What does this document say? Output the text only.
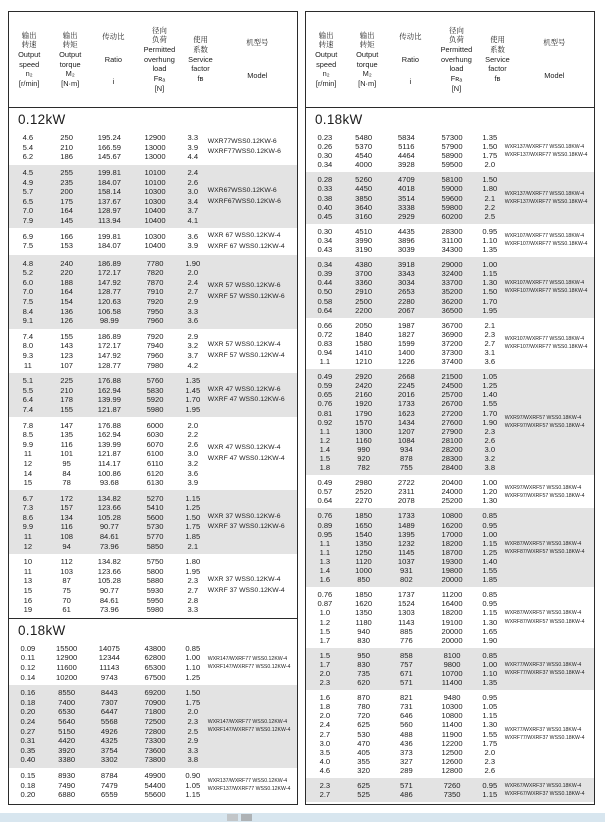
输出
转速
Output
speed
n₂
[r/min]
输出
转矩
Output
torque
M₂
[N·m]
传动比
Ratio
i
径向
负荷
Permitted
overhung
load
Fʀₐ
[N]
使用
系数
Service
factor
fʙ
机型号
Model
0.12kW
4.6	250	195.24	12900	3.3
5.4	210	166.59	13000	3.9
6.2	186	145.67	13000	4.4
WXR77WSS0.12KW-6
WXRF77WSS0.12KW-6
4.5	255	199.81	10100	2.4
4.9	235	184.07	10100	2.6
5.7	200	158.14	10300	3.0
6.5	175	137.67	10300	3.4
7.0	164	128.97	10400	3.7
7.9	145	113.94	10400	4.1
WXR67WSS0.12KW-6
WXRF67WSS0.12KW-6
6.9	166	199.81	10300	3.6
7.5	153	184.07	10400	3.9
WXR 67 WSS0.12KW-4
WXRF 67 WSS0.12KW-4
4.8	240	186.89	7780	1.90
5.2	220	172.17	7820	2.0
6.0	188	147.92	7870	2.4
7.0	164	128.77	7910	2.7
7.5	154	120.63	7920	2.9
8.4	136	106.58	7950	3.3
9.1	126	98.99	7960	3.6
WXR 57 WSS0.12KW-6
WXRF 57 WSS0.12KW-6
7.4	155	186.89	7920	2.9
8.0	143	172.17	7940	3.2
9.3	123	147.92	7960	3.7
11	107	128.77	7980	4.2
WXR 57 WSS0.12KW-4
WXRF 57 WSS0.12KW-4
5.1	225	176.88	5760	1.35
5.5	210	162.94	5830	1.45
6.4	178	139.99	5920	1.70
7.4	155	121.87	5980	1.95
WXR 47 WSS0.12KW-6
WXRF 47 WSS0.12KW-6
7.8	147	176.88	6000	2.0
8.5	135	162.94	6030	2.2
9.9	116	139.99	6070	2.6
11	101	121.87	6100	3.0
12	95	114.17	6110	3.2
14	84	100.86	6120	3.6
15	78	93.68	6130	3.9
WXR 47 WSS0.12KW-4
WXRF 47 WSS0.12KW-4
6.7	172	134.82	5270	1.15
7.3	157	123.66	5410	1.25
8.6	134	105.28	5600	1.50
9.9	116	90.77	5730	1.75
11	108	84.61	5770	1.85
12	94	73.96	5850	2.1
WXR 37 WSS0.12KW-6
WXRF 37 WSS0.12KW-6
10	112	134.82	5750	1.80
11	103	123.66	5800	1.95
13	87	105.28	5880	2.3
15	75	90.77	5930	2.7
16	70	84.61	5950	2.8
19	61	73.96	5980	3.3
WXR 37 WSS0.12KW-4
WXRF 37 WSS0.12KW-4
0.18kW
0.09	15500	14075	43800	0.85
0.11	12900	12344	62800	1.00
0.12	11600	11143	65300	1.10
0.14	10200	9743	67500	1.25
WXR147/WXRF77 WSS0.12KW-4
WXRF147/WXRF77 WSS0.12KW-4
0.16	8550	8443	69200	1.50
0.18	7400	7307	70900	1.75
0.20	6530	6447	71800	2.0
0.24	5640	5568	72500	2.3
0.27	5150	4926	72800	2.5
0.31	4420	4325	73300	2.9
0.35	3920	3754	73600	3.3
0.40	3380	3302	73800	3.8
WXR147/WXRF77 WSS0.12KW-4
WXRF147/WXRF77 WSS0.12KW-4
0.15	8930	8784	49900	0.90
0.18	7490	7479	54400	1.05
0.20	6880	6559	55600	1.15
WXR137/WXRF77 WSS0.12KW-4
WXRF137/WXRF77 WSS0.12KW-4
输出
转速
Output
speed
n₂
[r/min]
输出
转矩
Output
torque
M₂
[N·m]
传动比
Ratio
i
径向
负荷
Permitted
overhung
load
Fʀₐ
[N]
使用
系数
Service
factor
fʙ
机型号
Model
0.18kW
0.23	5480	5834	57300	1.35
0.26	5370	5116	57900	1.50
0.30	4540	4464	58900	1.75
0.34	4000	3928	59500	2.0
WXR137/WXRF77 WSS0.18KW-4
WXRF137/WXRF77 WSS0.18KW-4
0.28	5260	4709	58100	1.50
0.33	4450	4018	59000	1.80
0.38	3850	3514	59600	2.1
0.40	3640	3338	59800	2.2
0.45	3160	2929	60200	2.5
WXR137/WXRF77 WSS0.18KW-4
WXRF137/WXRF77 WSS0.18KW-4
0.30	4510	4435	28300	0.95
0.34	3990	3896	31100	1.10
0.43	3190	3039	34300	1.35
WXR107/WXRF77 WSS0.18KW-4
WXRF107/WXRF77 WSS0.18KW-4
0.34	4380	3918	29000	1.00
0.39	3700	3343	32400	1.15
0.44	3360	3034	33700	1.30
0.50	2910	2653	35200	1.50
0.58	2500	2280	36200	1.70
0.64	2200	2067	36500	1.95
WXR107/WXRF77 WSS0.18KW-4
WXRF107/WXRF77 WSS0.18KW-4
0.66	2050	1987	36700	2.1
0.72	1840	1827	36900	2.3
0.83	1580	1599	37200	2.7
0.94	1410	1400	37300	3.1
1.1	1210	1226	37400	3.6
WXR107/WXRF77 WSS0.18KW-4
WXRF107/WXRF77 WSS0.18KW-4
0.49	2920	2668	21500	1.05
0.59	2420	2245	24500	1.25
0.65	2160	2016	25700	1.40
0.76	1920	1733	26700	1.55
0.81	1790	1623	27200	1.70
0.92	1570	1434	27600	1.90
1.1	1300	1207	27900	2.3
1.2	1160	1084	28100	2.6
1.4	990	934	28200	3.0
1.5	920	878	28300	3.2
1.8	782	755	28400	3.8
WXR97/WXRF57 WSS0.18KW-4
WXRF97/WXRF57 WSS0.18KW-4
0.49	2980	2722	20400	1.00
0.57	2520	2311	24000	1.20
0.64	2270	2078	25200	1.30
WXR97/WXRF57 WSS0.18KW-4
WXRF97/WXRF57 WSS0.18KW-4
0.76	1850	1733	10800	0.85
0.89	1650	1489	16200	0.95
0.95	1540	1395	17000	1.00
1.1	1350	1232	18200	1.15
1.1	1250	1145	18700	1.25
1.3	1120	1037	19300	1.40
1.4	1000	931	19800	1.55
1.6	850	802	20000	1.85
WXR87/WXRF57 WSS0.18KW-4
WXRF87/WXRF57 WSS0.18KW-4
0.76	1850	1737	11200	0.85
0.87	1620	1524	16400	0.95
1.0	1350	1303	18200	1.15
1.2	1180	1143	19100	1.30
1.5	940	885	20000	1.65
1.7	830	776	20000	1.90
WXR87/WXRF57 WSS0.18KW-4
WXRF87/WXRF57 WSS0.18KW-4
1.5	950	858	8100	0.85
1.7	830	757	9800	1.00
2.0	735	671	10700	1.10
2.3	620	571	11400	1.35
WXR77/WXRF37 WSS0.18KW-4
WXRF77/WXRF37 WSS0.18KW-4
1.6	870	821	9480	0.95
1.8	780	731	10300	1.05
2.0	720	646	10800	1.15
2.4	625	560	11400	1.30
2.7	530	488	11900	1.55
3.0	470	436	12200	1.75
3.5	405	373	12500	2.0
4.0	355	327	12600	2.3
4.6	320	289	12800	2.6
WXR77/WXRF37 WSS0.18KW-4
WXRF77/WXRF37 WSS0.18KW-4
2.3	625	571	7260	0.95
2.7	525	486	7350	1.15
WXR67/WXRF37 WSS0.18KW-4
WXRF67/WXRF37 WSS0.18KW-4
